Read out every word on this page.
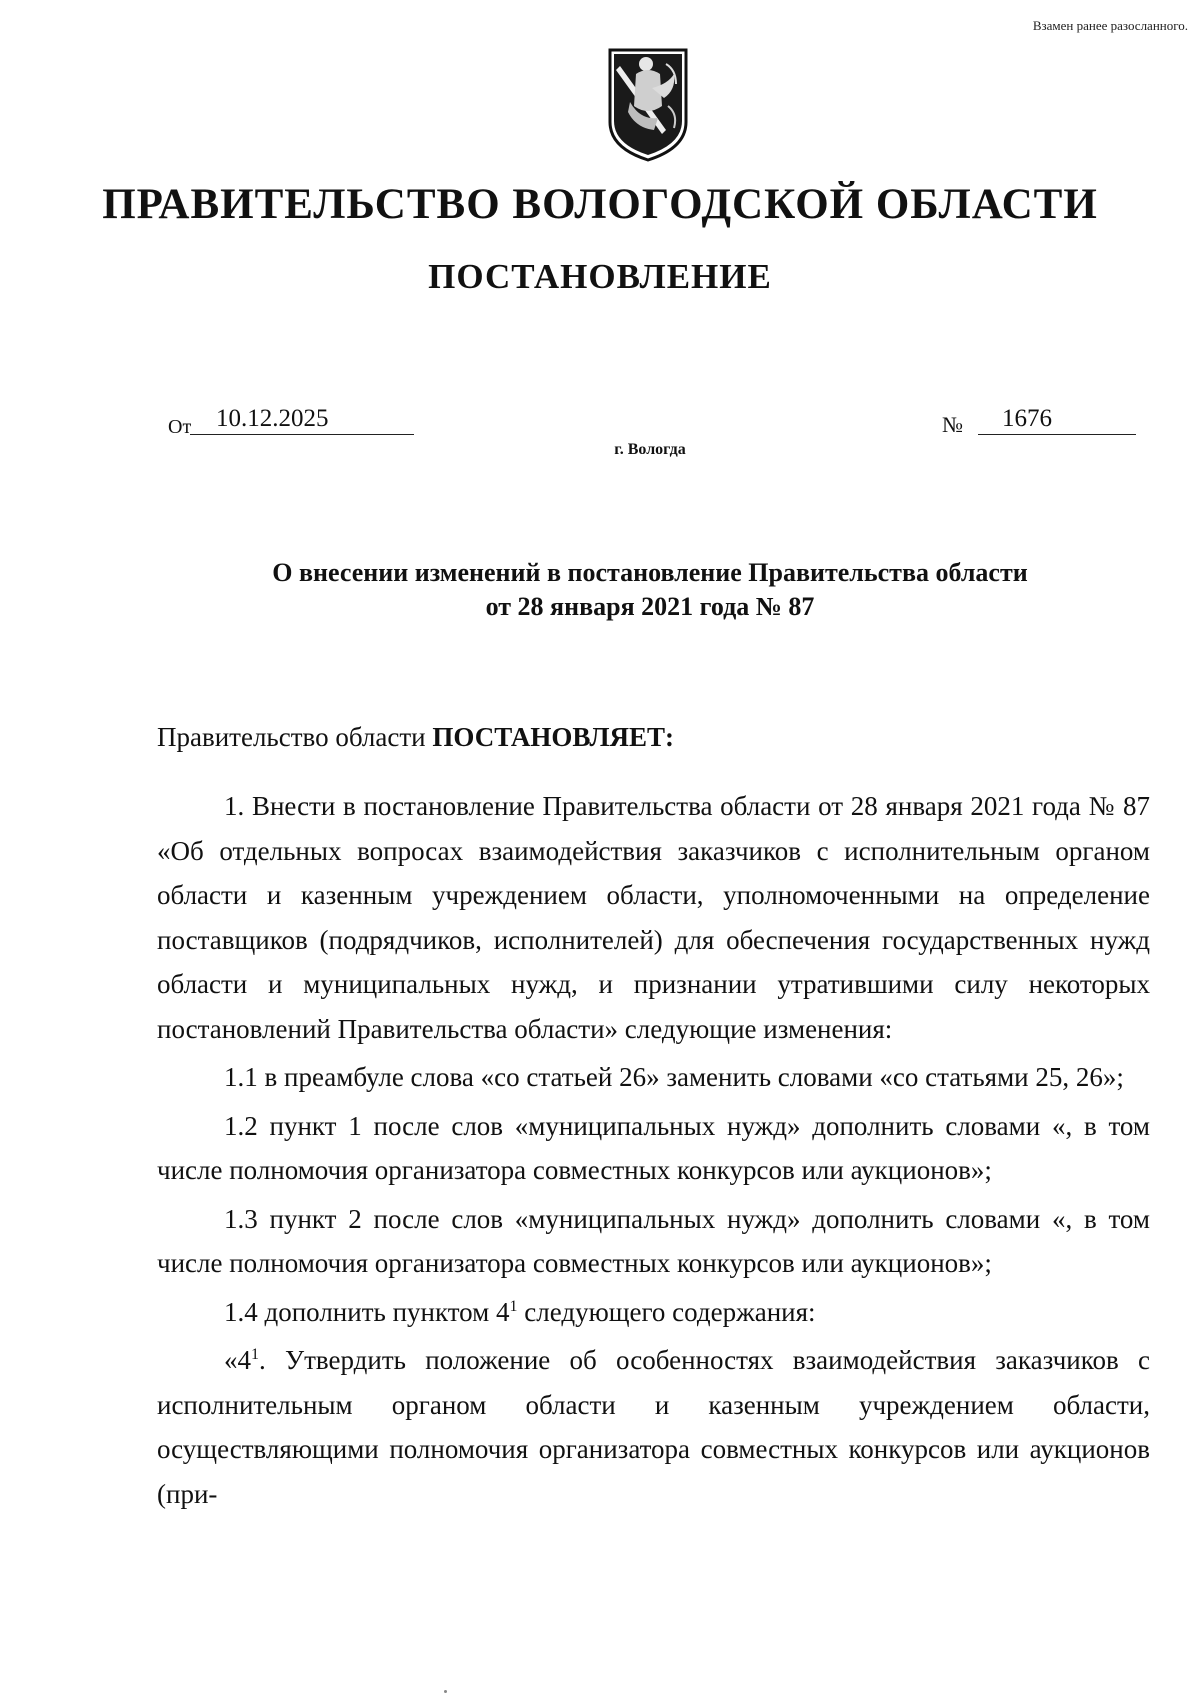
Взамен ранее разосланного.
ПРАВИТЕЛЬСТВО ВОЛОГОДСКОЙ ОБЛАСТИ
ПОСТАНОВЛЕНИЕ
От 10.12.2025	№	1676
г. Вологда
О внесении изменений в постановление Правительства области
от 28 января 2021 года № 87
Правительство области ПОСТАНОВЛЯЕТ:

1. Внести в постановление Правительства области от 28 января 2021 года № 87 «Об отдельных вопросах взаимодействия заказчиков с исполнительным органом области и казенным учреждением области, уполномоченными на определение поставщиков (подрядчиков, исполнителей) для обеспечения государственных нужд области и муниципальных нужд, и признании утратившими силу некоторых постановлений Правительства области» следующие изменения:

1.1 в преамбуле слова «со статьей 26» заменить словами «со статьями 25, 26»;

1.2 пункт 1 после слов «муниципальных нужд» дополнить словами «, в том числе полномочия организатора совместных конкурсов или аукционов»;

1.3 пункт 2 после слов «муниципальных нужд» дополнить словами «, в том числе полномочия организатора совместных конкурсов или аукционов»;

1.4 дополнить пунктом $4^1$ следующего содержания:

«$4^1$. Утвердить положение об особенностях взаимодействия заказчиков с исполнительным органом области и казенным учреждением области, осуществляющими полномочия организатора совместных конкурсов или аукционов (при-
